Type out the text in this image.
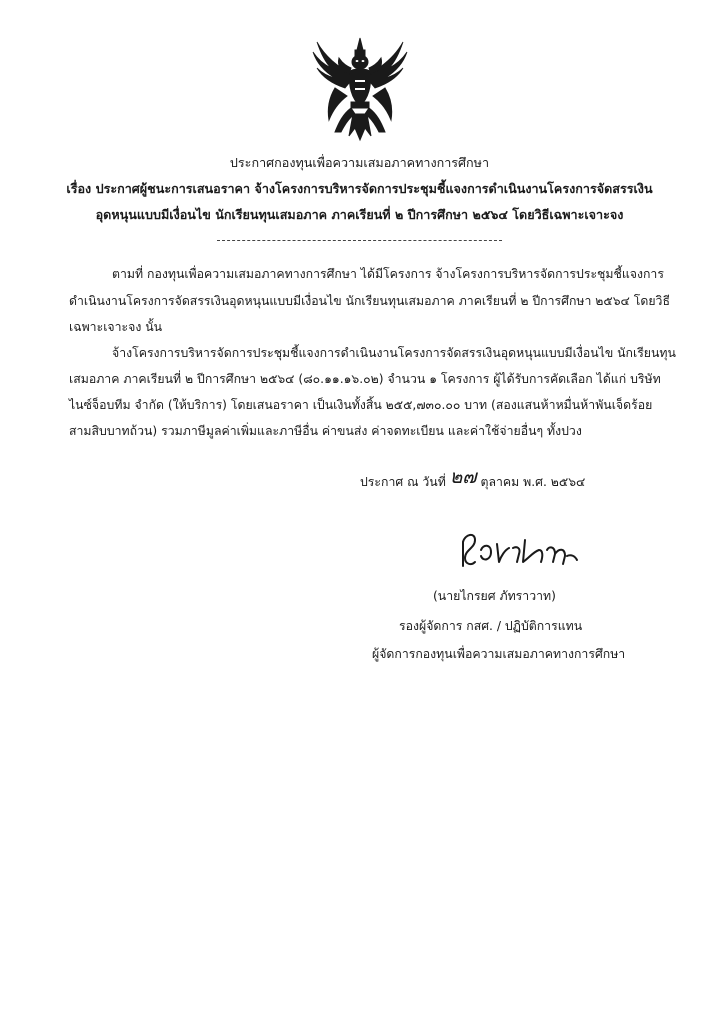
ประกาศกองทุนเพื่อความเสมอภาคทางการศึกษา
เรื่อง ประกาศผู้ชนะการเสนอราคา จ้างโครงการบริหารจัดการประชุมชี้แจงการดำเนินงานโครงการจัดสรรเงิน
อุดหนุนแบบมีเงื่อนไข นักเรียนทุนเสมอภาค ภาคเรียนที่ ๒ ปีการศึกษา ๒๕๖๔ โดยวิธีเฉพาะเจาะจง
ตามที่ กองทุนเพื่อความเสมอภาคทางการศึกษา ได้มีโครงการ จ้างโครงการบริหารจัดการประชุมชี้แจงการ
ดำเนินงานโครงการจัดสรรเงินอุดหนุนแบบมีเงื่อนไข นักเรียนทุนเสมอภาค ภาคเรียนที่ ๒ ปีการศึกษา ๒๕๖๔ โดยวิธี
เฉพาะเจาะจง นั้น
จ้างโครงการบริหารจัดการประชุมชี้แจงการดำเนินงานโครงการจัดสรรเงินอุดหนุนแบบมีเงื่อนไข นักเรียนทุน
เสมอภาค ภาคเรียนที่ ๒ ปีการศึกษา ๒๕๖๔ (๘๐.๑๑.๑๖.๐๒) จำนวน ๑ โครงการ ผู้ได้รับการคัดเลือก ได้แก่ บริษัท
ไนซ์จ็อบทีม จำกัด (ให้บริการ) โดยเสนอราคา เป็นเงินทั้งสิ้น ๒๕๕,๗๓๐.๐๐ บาท (สองแสนห้าหมื่นห้าพันเจ็ดร้อย
สามสิบบาทถ้วน) รวมภาษีมูลค่าเพิ่มและภาษีอื่น ค่าขนส่ง ค่าจดทะเบียน และค่าใช้จ่ายอื่นๆ ทั้งปวง
ประกาศ ณ วันที่ ๒๗ ตุลาคม พ.ศ. ๒๕๖๔
(นายไกรยศ ภัทราวาท)
รองผู้จัดการ กสศ. / ปฏิบัติการแทน
ผู้จัดการกองทุนเพื่อความเสมอภาคทางการศึกษา
